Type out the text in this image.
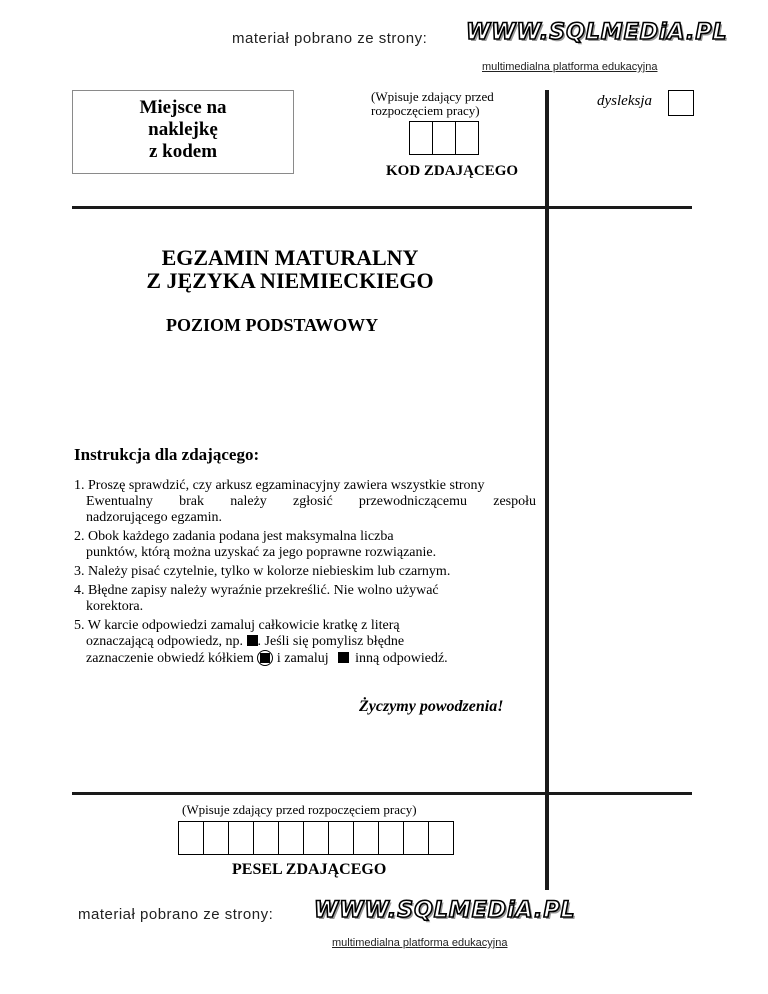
materiał pobrano ze strony: WWW.SQLMEDiA.PL
multimedialna platforma edukacyjna
Miejsce na
naklejkę
z kodem
(Wpisuje zdający przed
rozpoczęciem pracy)
KOD ZDAJĄCEGO
dysleksja
EGZAMIN MATURALNY
Z JĘZYKA NIEMIECKIEGO
POZIOM PODSTAWOWY
Instrukcja dla zdającego:
1. Proszę sprawdzić, czy arkusz egzaminacyjny zawiera wszystkie strony
Ewentualny brak należy zgłosić przewodniczącemu zespołu
nadzorującego egzamin.
2. Obok każdego zadania podana jest maksymalna liczba
punktów, którą można uzyskać za jego poprawne rozwiązanie.
3. Należy pisać czytelnie, tylko w kolorze niebieskim lub czarnym.
4. Błędne zapisy należy wyraźnie przekreślić. Nie wolno używać
korektora.
5. W karcie odpowiedzi zamaluj całkowicie kratkę z literą
oznaczającą odpowiedz, np. . Jeśli się pomylisz błędne
zaznaczenie obwiedź kółkiem i zamaluj inną odpowiedź.
Życzymy powodzenia!
(Wpisuje zdający przed rozpoczęciem pracy)
PESEL ZDAJĄCEGO
materiał pobrano ze strony: WWW.SQLMEDiA.PL
multimedialna platforma edukacyjna
